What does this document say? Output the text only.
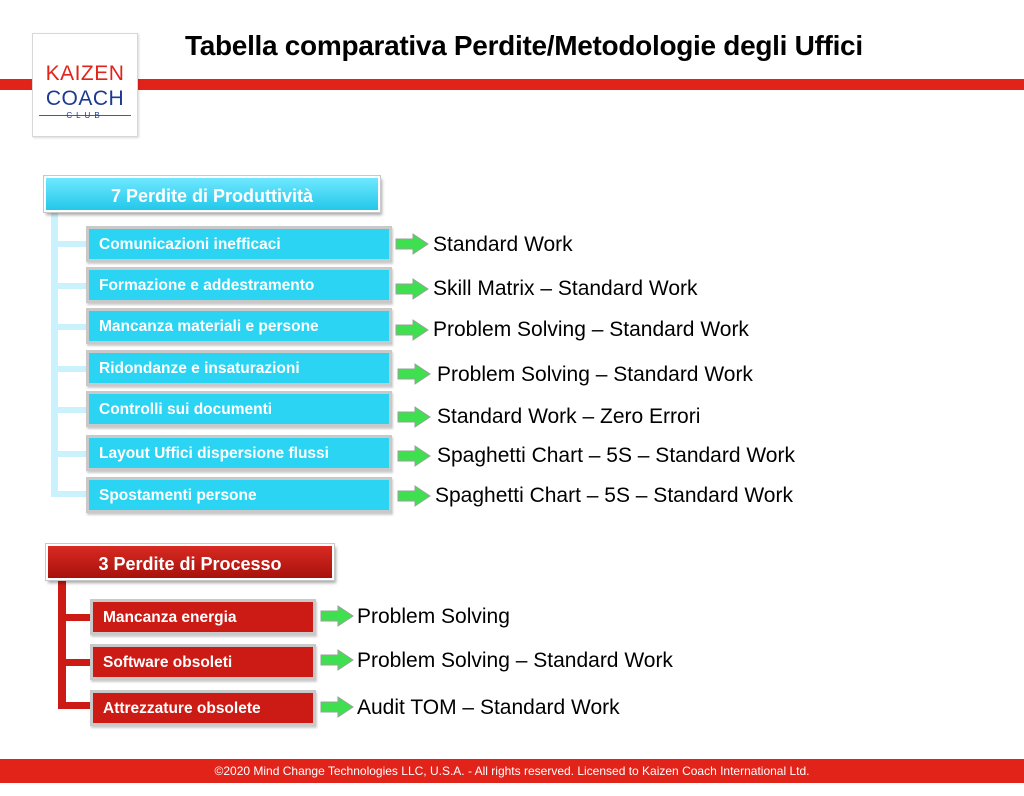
KAIZEN
COACH
CLUB
Tabella comparativa Perdite/Metodologie degli Uffici
7 Perdite di Produttività
Comunicazioni inefficaci
Formazione e addestramento
Mancanza materiali e persone
Ridondanze e insaturazioni
Controlli sui documenti
Layout Uffici dispersione flussi
Spostamenti persone
Standard Work
Skill Matrix – Standard Work
Problem Solving – Standard Work
Problem Solving – Standard Work
Standard Work – Zero Errori
Spaghetti Chart – 5S – Standard Work
Spaghetti Chart – 5S – Standard Work
3 Perdite di Processo
Mancanza energia
Software obsoleti
Attrezzature obsolete
Problem Solving
Problem Solving – Standard Work
Audit TOM – Standard Work
©2020 Mind Change Technologies LLC, U.S.A. - All rights reserved. Licensed to Kaizen Coach International Ltd.
